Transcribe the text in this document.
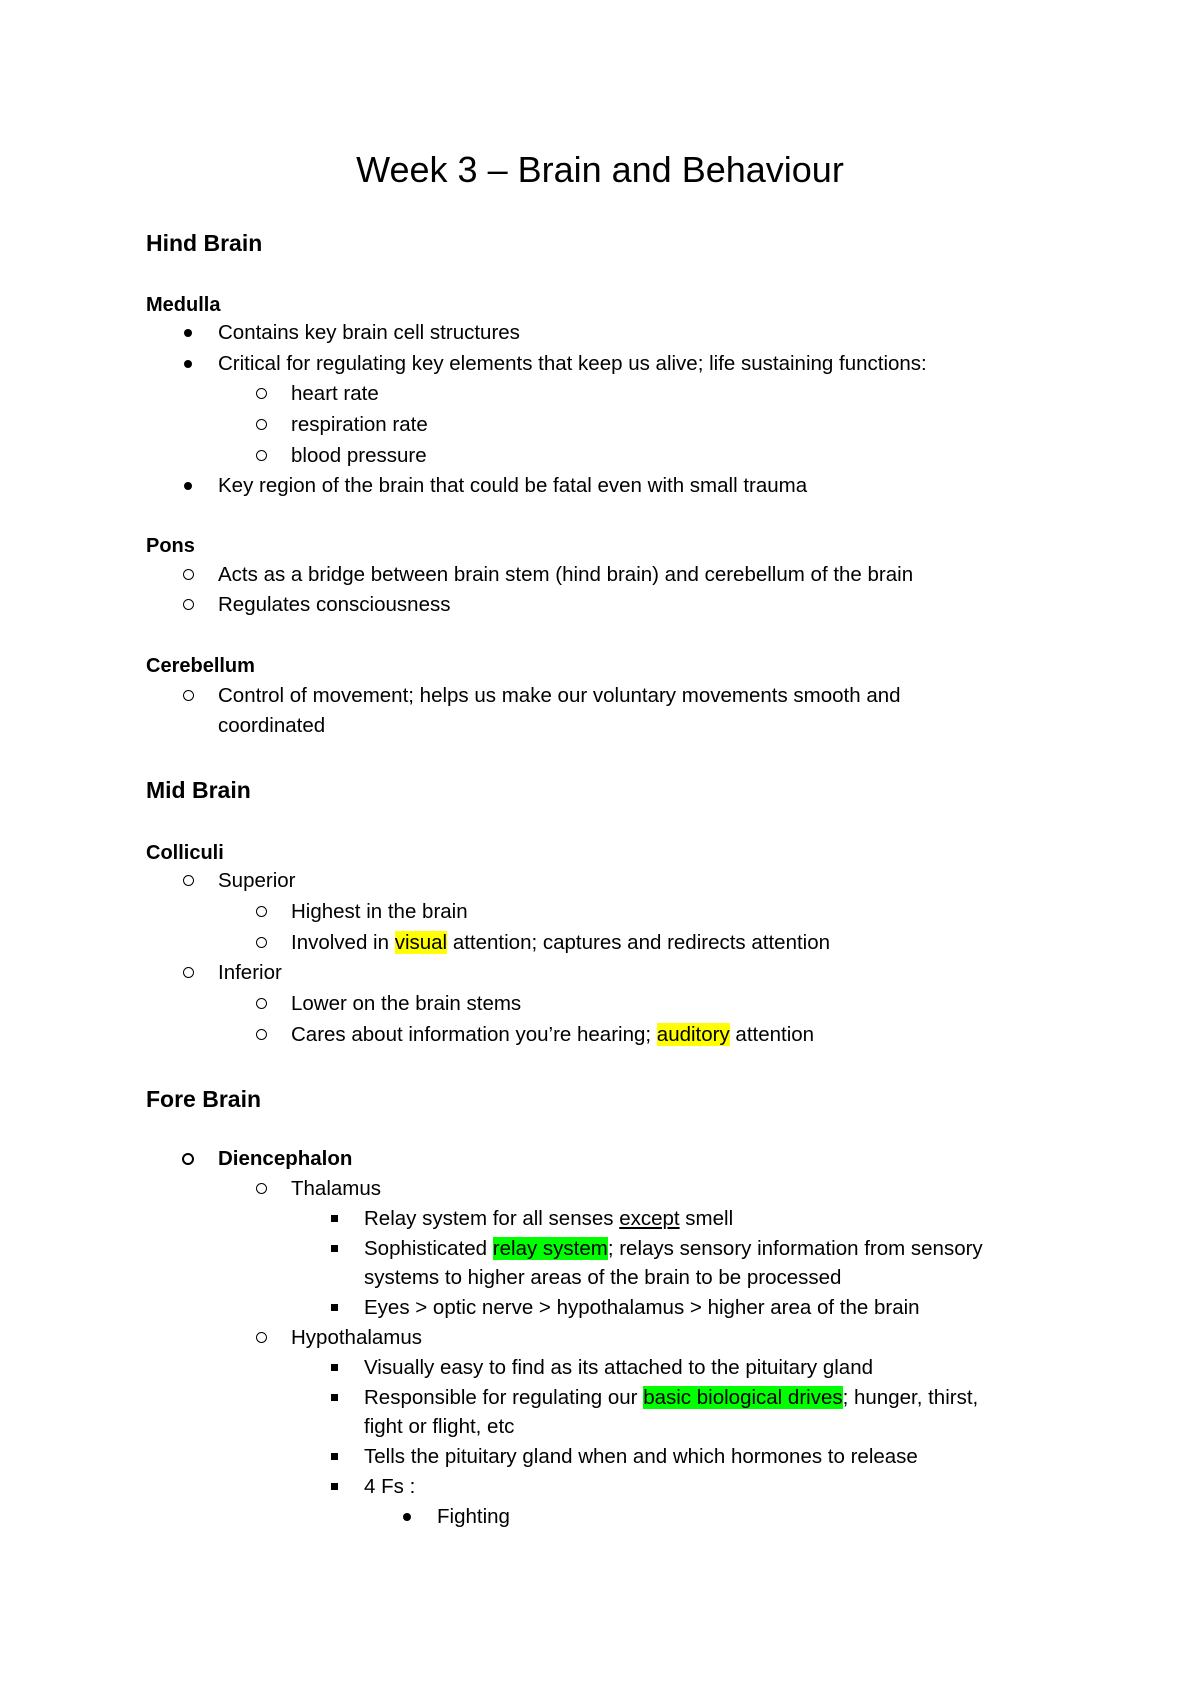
Week 3 – Brain and Behaviour
Hind Brain
Medulla
Contains key brain cell structures
Critical for regulating key elements that keep us alive; life sustaining functions:
heart rate
respiration rate
blood pressure
Key region of the brain that could be fatal even with small trauma
Pons
Acts as a bridge between brain stem (hind brain) and cerebellum of the brain
Regulates consciousness
Cerebellum
Control of movement; helps us make our voluntary movements smooth and
coordinated
Mid Brain
Colliculi
Superior
Highest in the brain
Involved in visual attention; captures and redirects attention
Inferior
Lower on the brain stems
Cares about information you’re hearing; auditory attention
Fore Brain
Diencephalon
Thalamus
Relay system for all senses except smell
Sophisticated relay system; relays sensory information from sensory
systems to higher areas of the brain to be processed
Eyes > optic nerve > hypothalamus > higher area of the brain
Hypothalamus
Visually easy to find as its attached to the pituitary gland
Responsible for regulating our basic biological drives; hunger, thirst,
fight or flight, etc
Tells the pituitary gland when and which hormones to release
4 Fs :
Fighting
